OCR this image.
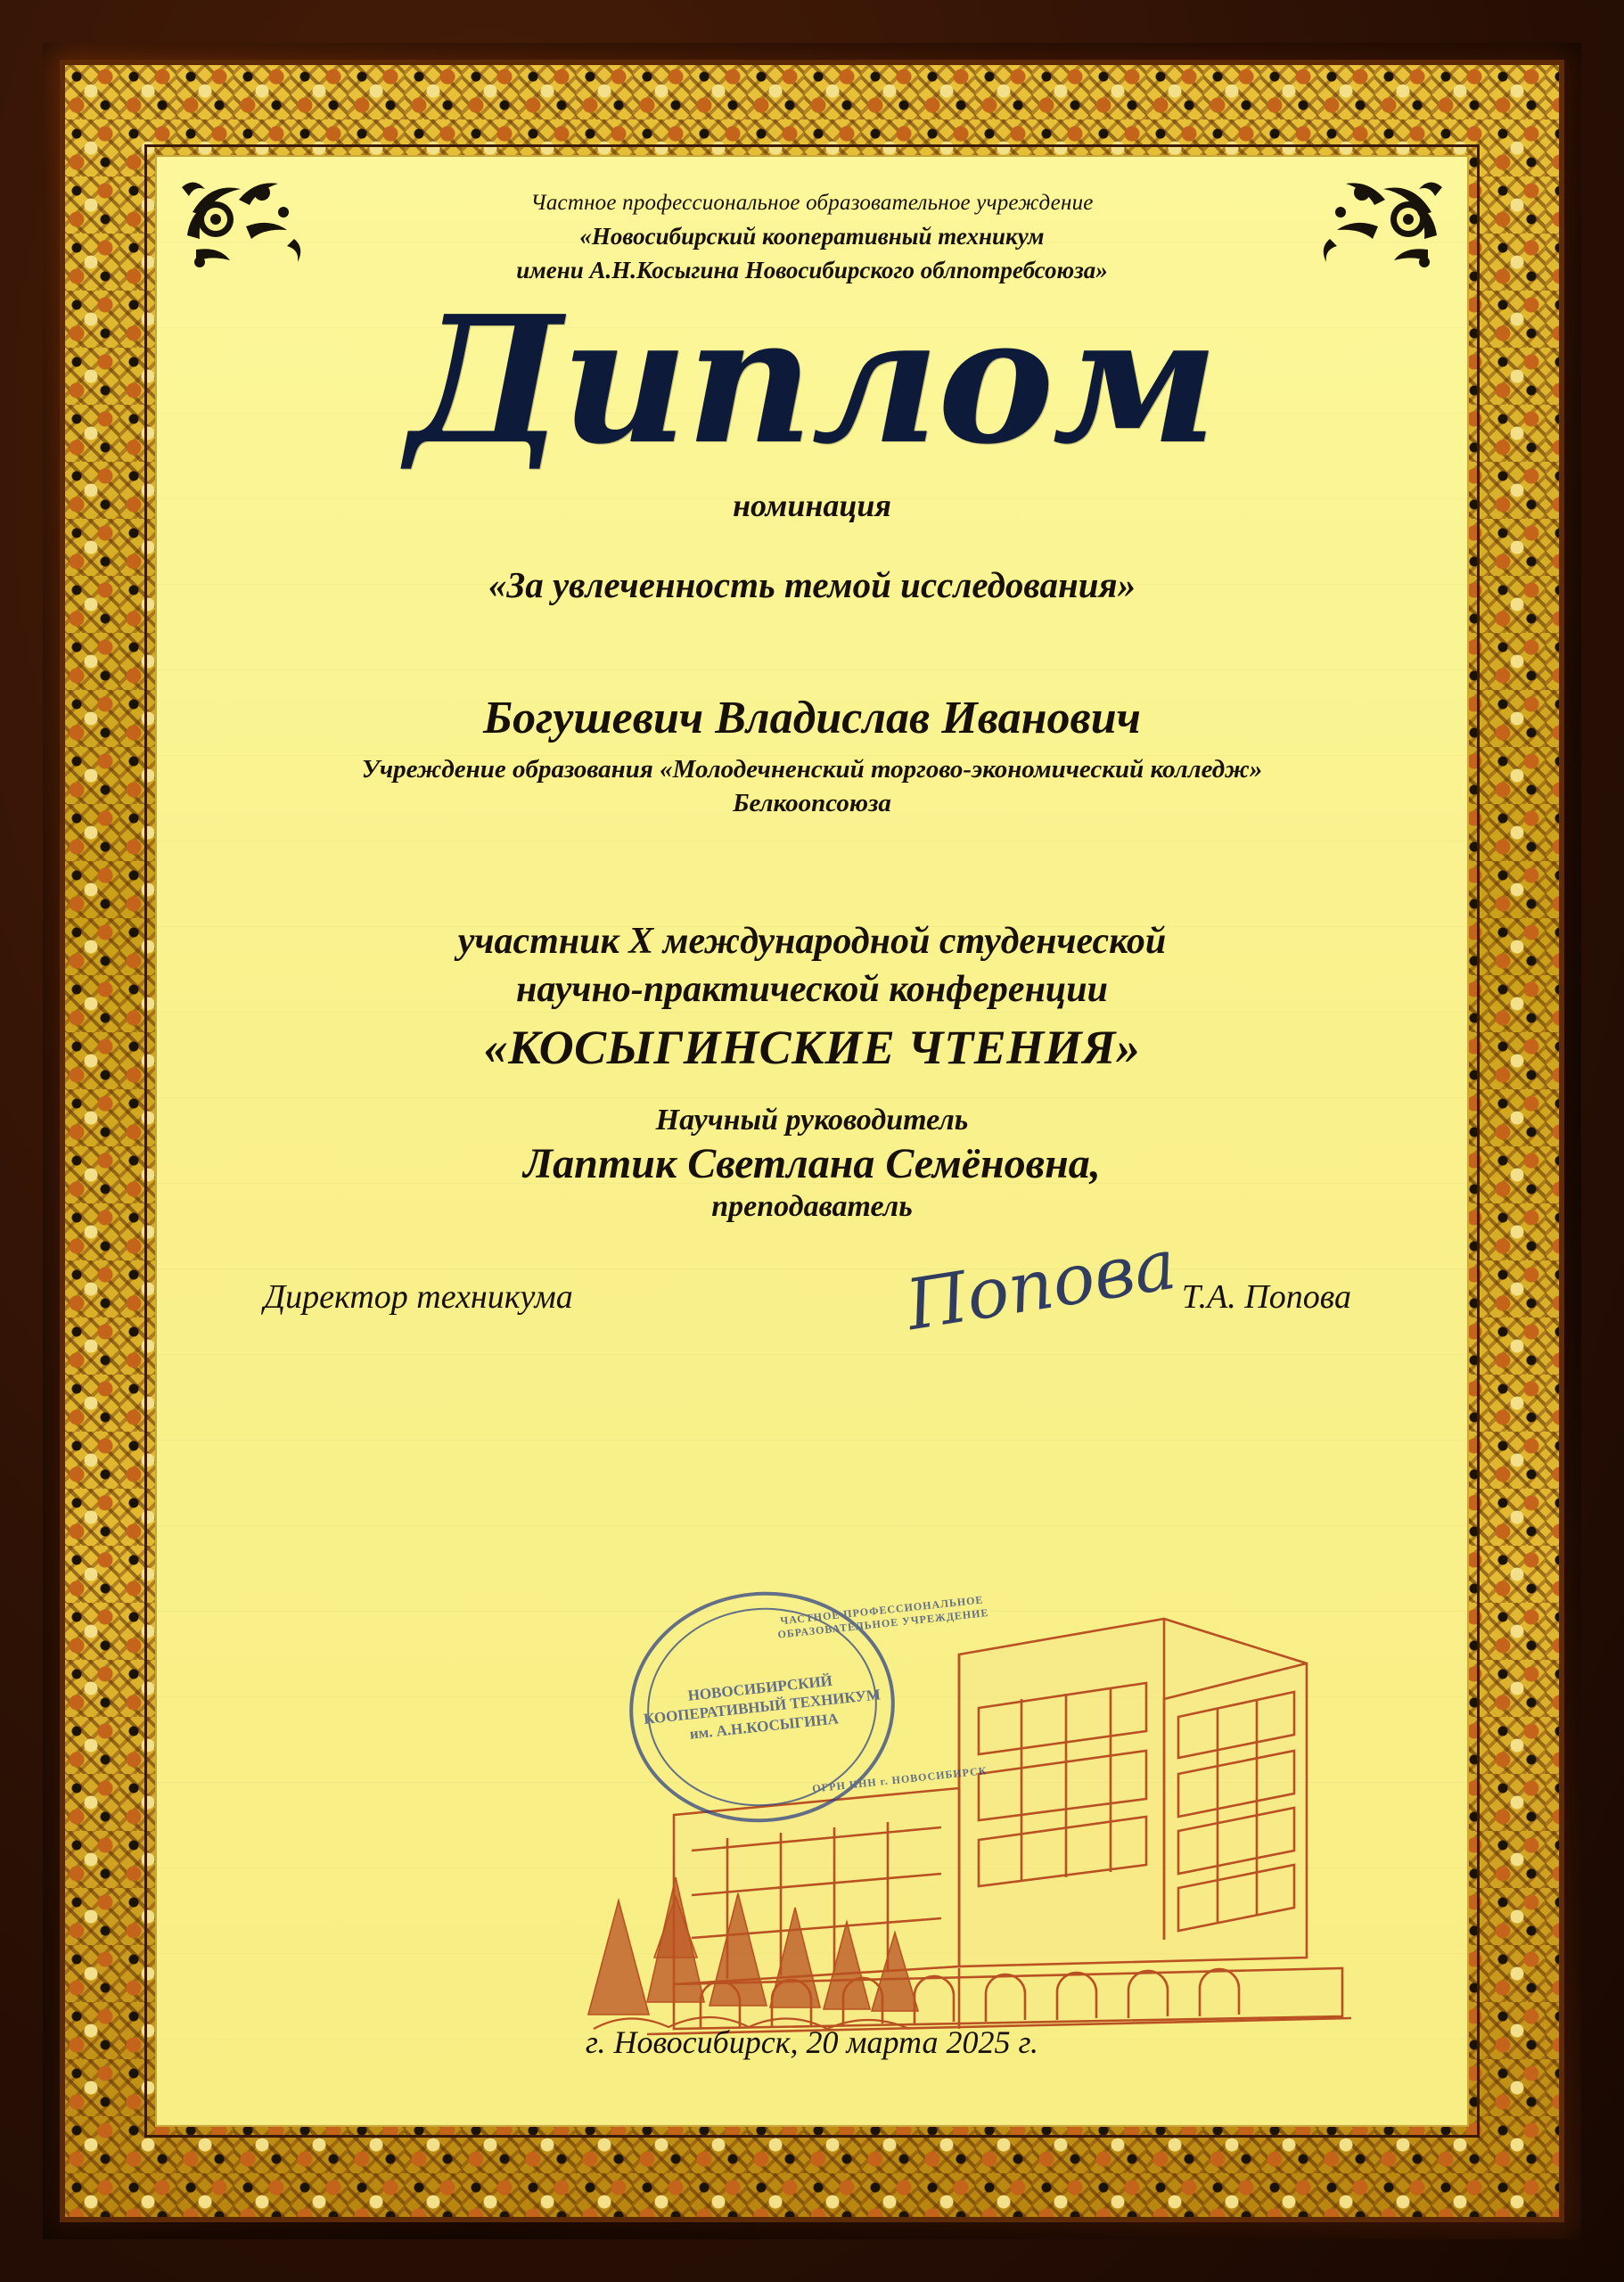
Частное профессиональное образовательное учреждение
«Новосибирский кооперативный техникум
имени А.Н.Косыгина Новосибирского облпотребсоюза»
Диплом
номинация
«За увлеченность темой исследования»
Богушевич Владислав Иванович
Учреждение образования «Молодечненский торгово-экономический колледж»
Белкоопсоюза
участник X международной студенческой
научно-практической конференции
«КОСЫГИНСКИЕ ЧТЕНИЯ»
Научный руководитель
Лаптик Светлана Семёновна,
преподаватель
Директор техникума	Попова Т.А. Попова
ЧАСТНОЕ ПРОФЕССИОНАЛЬНОЕ ОБРАЗОВАТЕЛЬНОЕ УЧРЕЖДЕНИЕ
НОВОСИБИРСКИЙ КООПЕРАТИВНЫЙ ТЕХНИКУМ им. А.Н.КОСЫГИНА
ОГРН ИНН г. НОВОСИБИРСК
г. Новосибирск, 20 марта 2025 г.
